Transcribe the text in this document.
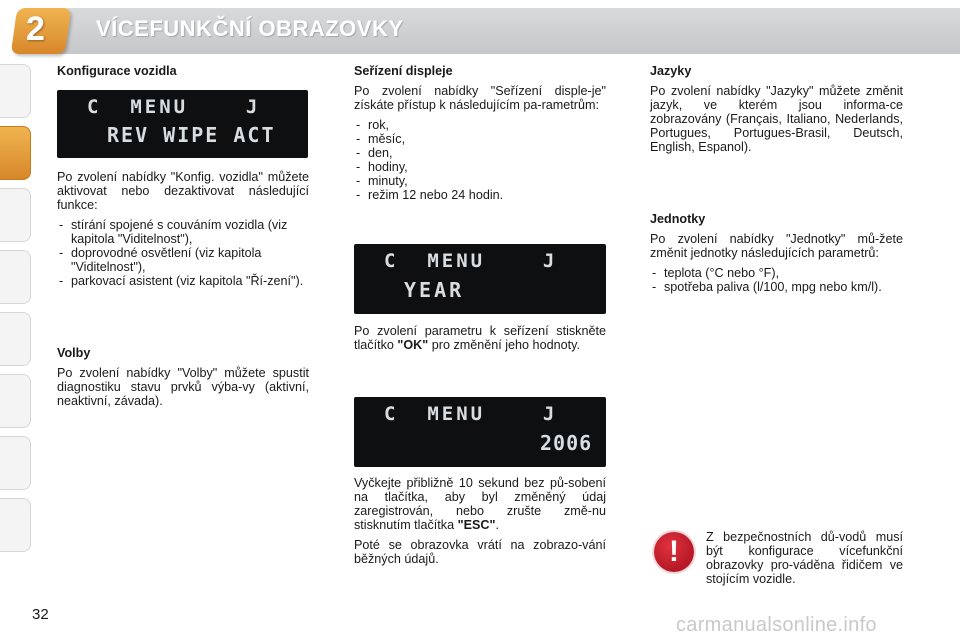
2 VÍCEFUNKČNÍ OBRAZOVKY
Konfigurace vozidla
C  MENU    J
REV WIPE ACT

Po zvolení nabídky "Konfig. vozidla" můžete aktivovat nebo dezaktivovat následující funkce:

- stírání spojené s couváním vozidla (viz kapitola "Viditelnost"),
- doprovodné osvětlení (viz kapitola "Viditelnost"),
- parkovací asistent (viz kapitola "Ří-zení").
Volby

Po zvolení nabídky "Volby" můžete spustit diagnostiku stavu prvků výba-vy (aktivní, neaktivní, závada).

Seřízení displeje

Po zvolení nabídky "Seřízení disple-je" získáte přístup k následujícím pa-rametrům:

- rok,
- měsíc,
- den,
- hodiny,
- minuty,
- režim 12 nebo 24 hodin.
C  MENU    J
YEAR

Po zvolení parametru k seřízení stiskněte tlačítko "OK" pro změnění jeho hodnoty.

C  MENU    J
2006

Vyčkejte přibližně 10 sekund bez pů-sobení na tlačítka, aby byl změněný údaj zaregistrován, nebo zrušte změ-nu stisknutím tlačítka "ESC".

Poté se obrazovka vrátí na zobrazo-vání běžných údajů.

Jazyky

Po zvolení nabídky "Jazyky" můžete změnit jazyk, ve kterém jsou informa-ce zobrazovány (Français, Italiano, Nederlands, Portugues, Portugues-Brasil, Deutsch, English, Espanol).

Jednotky

Po zvolení nabídky "Jednotky" mů-žete změnit jednotky následujících parametrů:

- teplota (°C nebo °F),
- spotřeba paliva (l/100, mpg nebo km/l).
! Z bezpečnostních dů-vodů musí být konfigurace vícefunkční obrazovky pro-váděna řidičem ve stojícím vozidle.

32	carmanualsonline.info
